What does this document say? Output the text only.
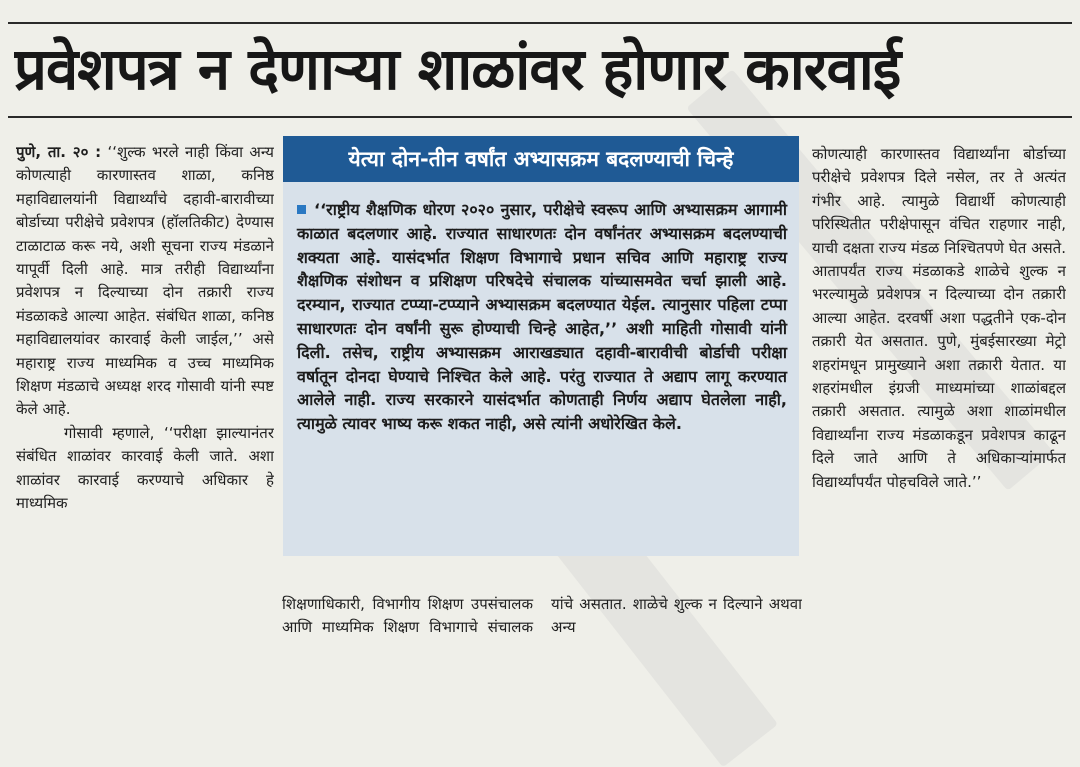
प्रवेशपत्र न देणाऱ्या शाळांवर होणार कारवाई

पुणे, ता. २० : ‘‘शुल्क भरले नाही किंवा अन्य कोणत्याही कारणास्तव शाळा, कनिष्ठ महाविद्यालयांनी विद्यार्थ्यांचे दहावी-बारावीच्या बोर्डाच्या परीक्षेचे प्रवेशपत्र (हॉलतिकीट) देण्यास टाळाटाळ करू नये, अशी सूचना राज्य मंडळाने यापूर्वी दिली आहे. मात्र तरीही विद्यार्थ्यांना प्रवेशपत्र न दिल्याच्या दोन तक्रारी राज्य मंडळाकडे आल्या आहेत. संबंधित शाळा, कनिष्ठ महाविद्यालयांवर कारवाई केली जाईल,’’ असे महाराष्ट्र राज्य माध्यमिक व उच्च माध्यमिक शिक्षण मंडळाचे अध्यक्ष शरद गोसावी यांनी स्पष्ट केले आहे.

गोसावी म्हणाले, ‘‘परीक्षा झाल्यानंतर संबंधित शाळांवर कारवाई केली जाते. अशा शाळांवर कारवाई करण्याचे अधिकार हे माध्यमिक

येत्या दोन-तीन वर्षांत अभ्यासक्रम बदलण्याची चिन्हे
‘‘राष्ट्रीय शैक्षणिक धोरण २०२० नुसार, परीक्षेचे स्वरूप आणि अभ्यासक्रम आगामी काळात बदलणार आहे. राज्यात साधारणतः दोन वर्षांनंतर अभ्यासक्रम बदलण्याची शक्यता आहे. यासंदर्भात शिक्षण विभागाचे प्रधान सचिव आणि महाराष्ट्र राज्य शैक्षणिक संशोधन व प्रशिक्षण परिषदेचे संचालक यांच्यासमवेत चर्चा झाली आहे. दरम्यान, राज्यात टप्प्या-टप्प्याने अभ्यासक्रम बदलण्यात येईल. त्यानुसार पहिला टप्पा साधारणतः दोन वर्षांनी सुरू होण्याची चिन्हे आहेत,’’ अशी माहिती गोसावी यांनी दिली. तसेच, राष्ट्रीय अभ्यासक्रम आराखड्यात दहावी-बारावीची बोर्डाची परीक्षा वर्षातून दोनदा घेण्याचे निश्चित केले आहे. परंतु राज्यात ते अद्याप लागू करण्यात आलेले नाही. राज्य सरकारने यासंदर्भात कोणताही निर्णय अद्याप घेतलेला नाही, त्यामुळे त्यावर भाष्य करू शकत नाही, असे त्यांनी अधोरेखित केले.

शिक्षणाधिकारी, विभागीय शिक्षण उपसंचालक आणि माध्यमिक शिक्षण विभागाचे संचालक यांचे असतात. शाळेचे शुल्क न दिल्याने अथवा अन्य

कोणत्याही कारणास्तव विद्यार्थ्यांना बोर्डाच्या परीक्षेचे प्रवेशपत्र दिले नसेल, तर ते अत्यंत गंभीर आहे. त्यामुळे विद्यार्थी कोणत्याही परिस्थितीत परीक्षेपासून वंचित राहणार नाही, याची दक्षता राज्य मंडळ निश्चितपणे घेत असते. आतापर्यंत राज्य मंडळाकडे शाळेचे शुल्क न भरल्यामुळे प्रवेशपत्र न दिल्याच्या दोन तक्रारी आल्या आहेत. दरवर्षी अशा पद्धतीने एक-दोन तक्रारी येत असतात. पुणे, मुंबईसारख्या मेट्रो शहरांमधून प्रामुख्याने अशा तक्रारी येतात. या शहरांमधील इंग्रजी माध्यमांच्या शाळांबद्दल तक्रारी असतात. त्यामुळे अशा शाळांमधील विद्यार्थ्यांना राज्य मंडळाकडून प्रवेशपत्र काढून दिले जाते आणि ते अधिकाऱ्यांमार्फत विद्यार्थ्यांपर्यंत पोहचविले जाते.’’
